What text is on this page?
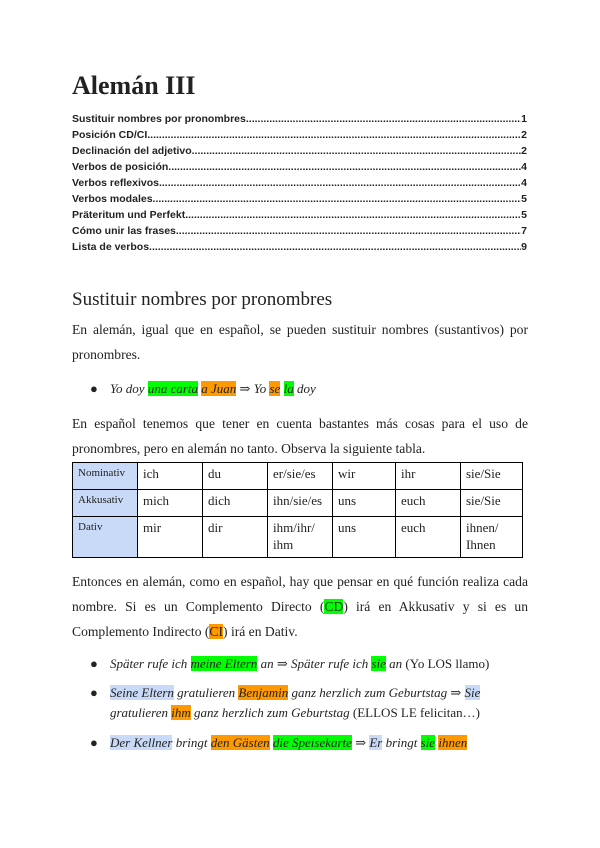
Alemán III
Sustituir nombres por pronombres .....	1
Posición CD/CI .....	2
Declinación del adjetivo .....	2
Verbos de posición .....	4
Verbos reflexivos .....	4
Verbos modales .....	5
Präteritum und Perfekt .....	5
Cómo unir las frases .....	7
Lista de verbos .....	9
Sustituir nombres por pronombres

En alemán, igual que en español, se pueden sustituir nombres (sustantivos) por pronombres.

● Yo doy una carta a Juan ⇒ Yo se la doy

En español tenemos que tener en cuenta bastantes más cosas para el uso de pronombres, pero en alemán no tanto. Observa la siguiente tabla.

Nominativ	ich	du	er/sie/es	wir	ihr	sie/Sie
Akkusativ	mich	dich	ihn/sie/es	uns	euch	sie/Sie
Dativ	mir	dir	ihm/ihr/ ihm	uns	euch	ihnen/ Ihnen

Entonces en alemán, como en español, hay que pensar en qué función realiza cada nombre. Si es un Complemento Directo (CD) irá en Akkusativ y si es un Complemento Indirecto (CI) irá en Dativ.

● Später rufe ich meine Eltern an ⇒ Später rufe ich sie an (Yo LOS llamo)
● Seine Eltern gratulieren Benjamin ganz herzlich zum Geburtstag ⇒ Sie gratulieren ihm ganz herzlich zum Geburtstag (ELLOS LE felicitan…)
● Der Kellner bringt den Gästen die Speisekarte ⇒ Er bringt sie ihnen
